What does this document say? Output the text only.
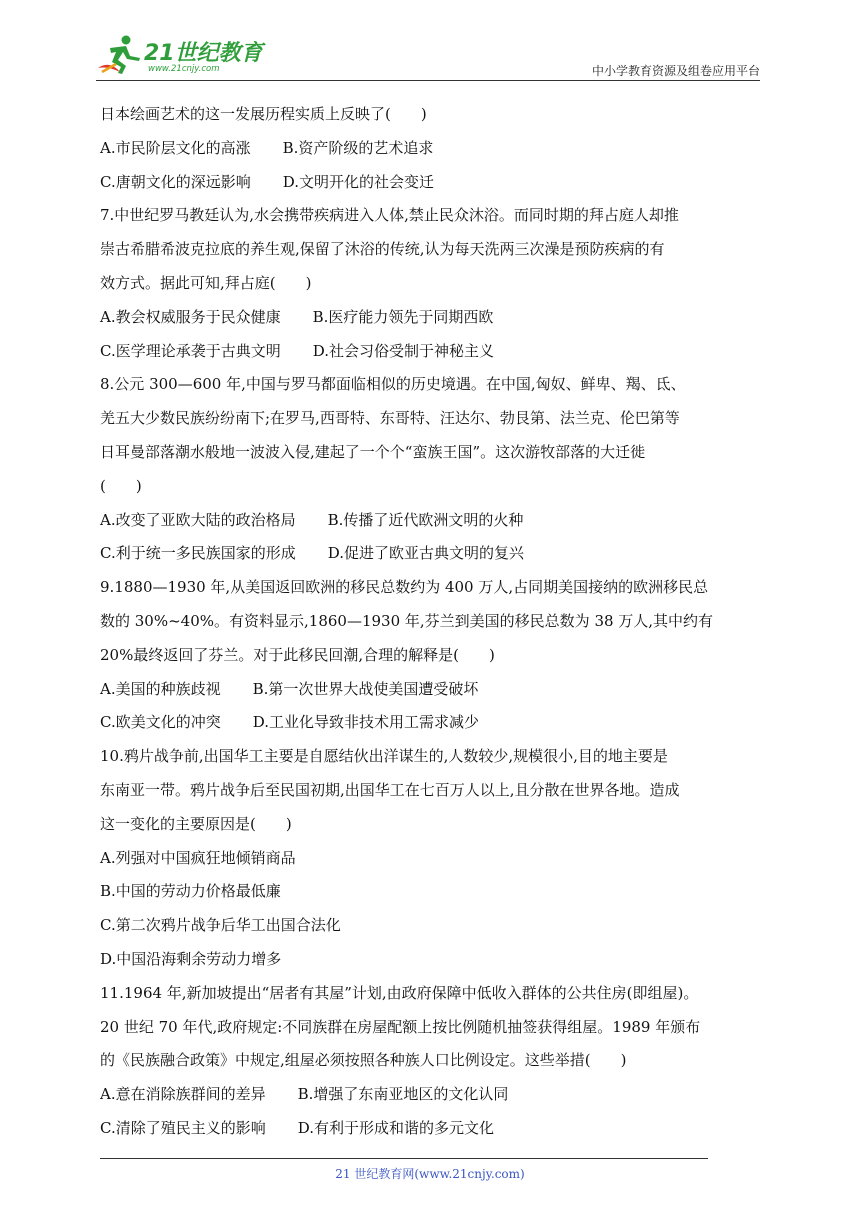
21世纪教育
www.21cnjy.com	中小学教育资源及组卷应用平台
日本绘画艺术的这一发展历程实质上反映了(　　)
A.市民阶层文化的高涨 B.资产阶级的艺术追求
C.唐朝文化的深远影响 D.文明开化的社会变迁
7.中世纪罗马教廷认为,水会携带疾病进入人体,禁止民众沐浴。而同时期的拜占庭人却推
崇古希腊希波克拉底的养生观,保留了沐浴的传统,认为每天洗两三次澡是预防疾病的有
效方式。据此可知,拜占庭(　　)
A.教会权威服务于民众健康 B.医疗能力领先于同期西欧
C.医学理论承袭于古典文明 D.社会习俗受制于神秘主义
8.公元 300—600 年,中国与罗马都面临相似的历史境遇。在中国,匈奴、鲜卑、羯、氐、
羌五大少数民族纷纷南下;在罗马,西哥特、东哥特、汪达尔、勃艮第、法兰克、伦巴第等
日耳曼部落潮水般地一波波入侵,建起了一个个“蛮族王国”。这次游牧部落的大迁徙
(　　)
A.改变了亚欧大陆的政治格局 B.传播了近代欧洲文明的火种
C.利于统一多民族国家的形成 D.促进了欧亚古典文明的复兴
9.1880—1930 年,从美国返回欧洲的移民总数约为 400 万人,占同期美国接纳的欧洲移民总
数的 30%~40%。有资料显示,1860—1930 年,芬兰到美国的移民总数为 38 万人,其中约有
20%最终返回了芬兰。对于此移民回潮,合理的解释是(　　)
A.美国的种族歧视 B.第一次世界大战使美国遭受破坏
C.欧美文化的冲突 D.工业化导致非技术用工需求减少
10.鸦片战争前,出国华工主要是自愿结伙出洋谋生的,人数较少,规模很小,目的地主要是
东南亚一带。鸦片战争后至民国初期,出国华工在七百万人以上,且分散在世界各地。造成
这一变化的主要原因是(　　)
A.列强对中国疯狂地倾销商品
B.中国的劳动力价格最低廉
C.第二次鸦片战争后华工出国合法化
D.中国沿海剩余劳动力增多
11.1964 年,新加坡提出“居者有其屋”计划,由政府保障中低收入群体的公共住房(即组屋)。
20 世纪 70 年代,政府规定:不同族群在房屋配额上按比例随机抽签获得组屋。1989 年颁布
的《民族融合政策》中规定,组屋必须按照各种族人口比例设定。这些举措(　　)
A.意在消除族群间的差异 B.增强了东南亚地区的文化认同
C.清除了殖民主义的影响 D.有利于形成和谐的多元文化
21 世纪教育网(www.21cnjy.com)
